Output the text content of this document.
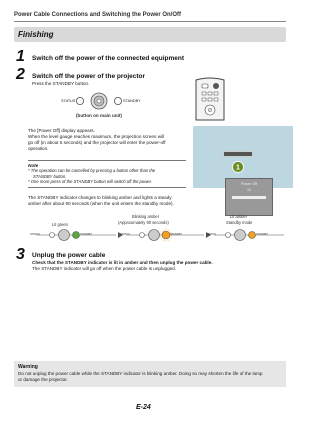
Power Cable Connections and Switching the Power On/Off
Finishing
1 Switch off the power of the connected equipment
2 Switch off the power of the projector
Press the STANDBY button.
STATUS	STANDBY
(button on main unit)
The [Power Off] display appears.
When the level gauge reaches maximum, the projection screen will
go off (in about 5 seconds) and the projector will enter the power-off
operation.
Note
* The operation can be cancelled by pressing a button other than the
STANDBY button.
* One more press of the STANDBY button will switch off the power.
1
Power Off
10
The STANDBY indicator changes to blinking amber and lights a steady
amber after about 90 seconds (when the unit enters the standby mode).
Lit green
Blinking amber
(Approximately 90 seconds)
Lit amber
Standby mode
STATUS	STANDBY	STATUS	STANDBY	STATUS	STANDBY
3 Unplug the power cable
Check that the STANDBY indicator is lit in amber and then unplug the power cable.
The STANDBY indicator will go off when the power cable is unplugged.
Warning
Do not unplug the power cable while the STANDBY indicator is blinking amber. Doing so may shorten the life of the lamp
or damage the projector.
E-24
